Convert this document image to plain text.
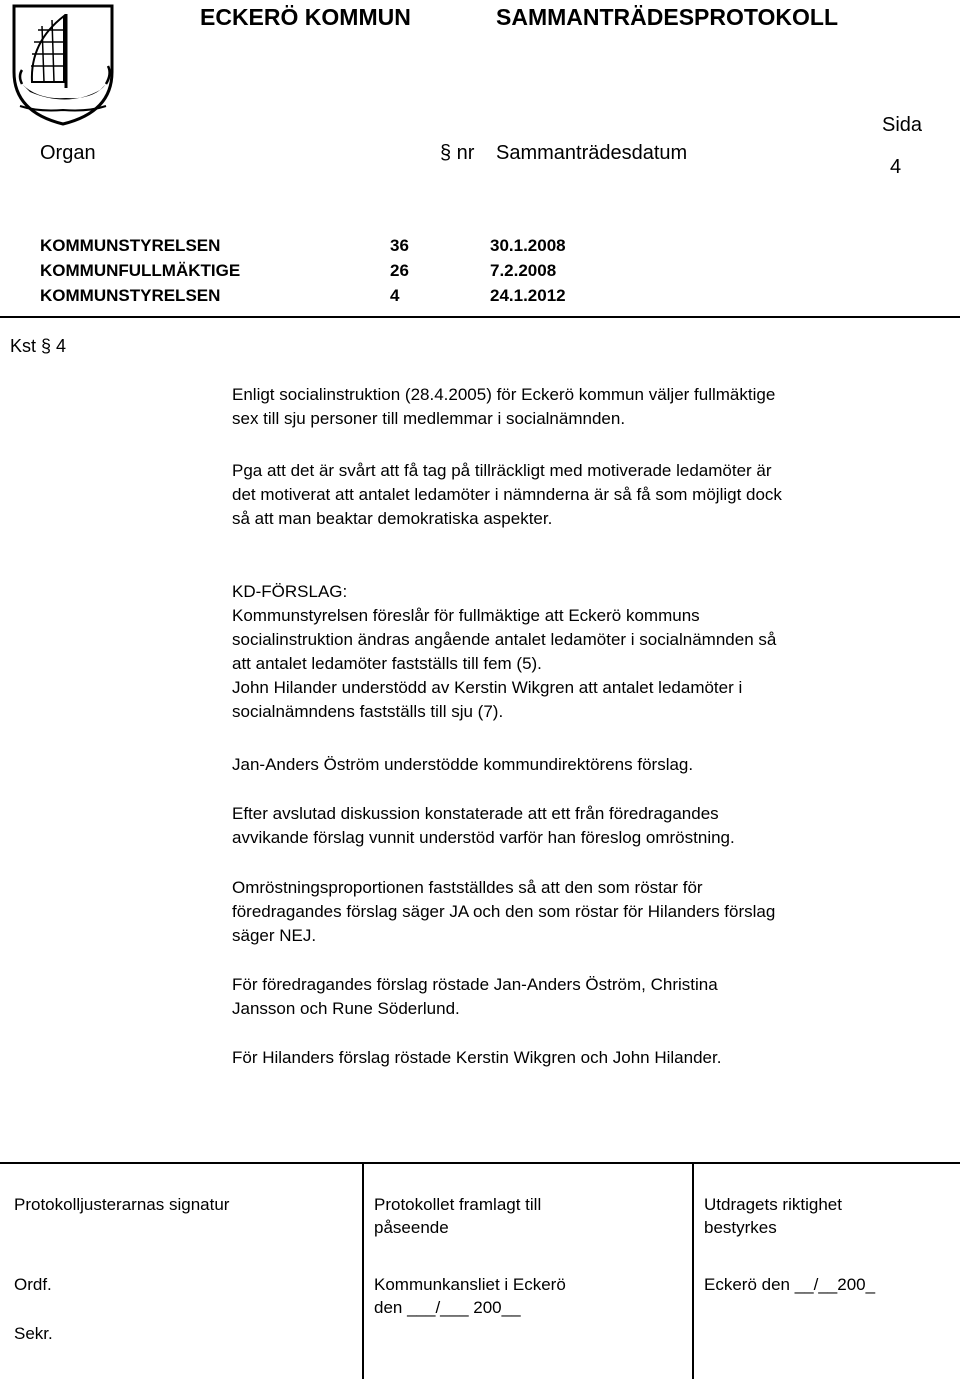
ECKERÖ KOMMUN	SAMMANTRÄDESPROTOKOLL
Organ	§ nr Sammanträdesdatum
Sida
4
KOMMUNSTYRELSEN	36	30.1.2008
KOMMUNFULLMÄKTIGE	26	7.2.2008
KOMMUNSTYRELSEN	4	24.1.2012
Kst § 4
Enligt socialinstruktion (28.4.2005) för Eckerö kommun väljer fullmäktige
sex till sju personer till medlemmar i socialnämnden.
Pga att det är svårt att få tag på tillräckligt med motiverade ledamöter är
det motiverat att antalet ledamöter i nämnderna är så få som möjligt dock
så att man beaktar demokratiska aspekter.
KD-FÖRSLAG:
Kommunstyrelsen föreslår för fullmäktige att Eckerö kommuns
socialinstruktion ändras angående antalet ledamöter i socialnämnden så
att antalet ledamöter fastställs till fem (5).
John Hilander understödd av Kerstin Wikgren att antalet ledamöter i
socialnämndens fastställs till sju (7).
Jan-Anders Öström understödde kommundirektörens förslag.
Efter avslutad diskussion konstaterade att ett från föredragandes
avvikande förslag vunnit understöd varför han föreslog omröstning.
Omröstningsproportionen fastställdes så att den som röstar för
föredragandes förslag säger JA och den som röstar för Hilanders förslag
säger NEJ.
För föredragandes förslag röstade Jan-Anders Öström, Christina
Jansson och Rune Söderlund.
För Hilanders förslag röstade Kerstin Wikgren och John Hilander.
Protokolljusterarnas signatur
Ordf.
Sekr.
Protokollet framlagt till
påseende
Kommunkansliet i Eckerö
den ___/___ 200__
Utdragets riktighet
bestyrkes
Eckerö den __/__200_
